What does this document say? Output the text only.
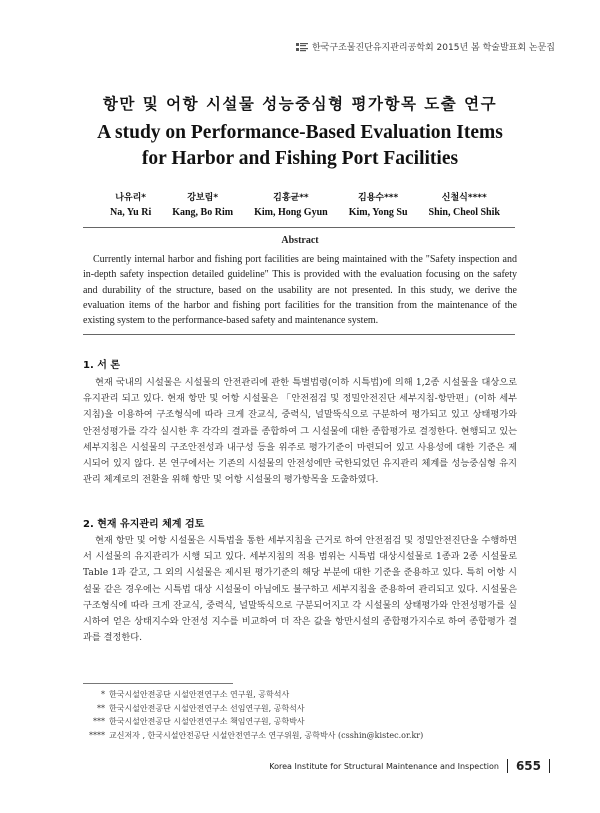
한국구조물진단유지관리공학회 2015년 봄 학술발표회 논문집
항만 및 어항 시설물 성능중심형 평가항목 도출 연구
A study on Performance-Based Evaluation Items
for Harbor and Fishing Port Facilities
나유리*
Na, Yu Ri
강보림*
Kang, Bo Rim
김홍균**
Kim, Hong Gyun
김용수***
Kim, Yong Su
신철식****
Shin, Cheol Shik
Abstract

Currently internal harbor and fishing port facilities are being maintained with the "Safety inspection and in-depth safety inspection detailed guideline" This is provided with the evaluation focusing on the safety and durability of the structure, based on the usability are not presented. In this study, we derive the evaluation items of the harbor and fishing port facilities for the transition from the maintenance of the existing system to the performance-based safety and maintenance system.

1. 서 론

현재 국내의 시설물은 시설물의 안전관리에 관한 특별법령(이하 시특법)에 의해 1,2종 시설물을 대상으로 유지관리 되고 있다. 현재 항만 및 어항 시설물은 「안전점검 및 정밀안전진단 세부지침-항만편」(이하 세부지침)을 이용하여 구조형식에 따라 크게 잔교식, 중력식, 널말뚝식으로 구분하여 평가되고 있고 상태평가와 안전성평가를 각각 실시한 후 각각의 결과를 종합하여 그 시설물에 대한 종합평가로 결정한다. 현행되고 있는 세부지침은 시설물의 구조안전성과 내구성 등을 위주로 평가기준이 마련되어 있고 사용성에 대한 기준은 제시되어 있지 않다. 본 연구에서는 기존의 시설물의 안전성에만 국한되었던 유지관리 체계를 성능중심형 유지관리 체계로의 전환을 위해 항만 및 어항 시설물의 평가항목을 도출하였다.

2. 현재 유지관리 체계 검토

현재 항만 및 어항 시설물은 시특법을 통한 세부지침을 근거로 하여 안전점검 및 정밀안전진단을 수행하면서 시설물의 유지관리가 시행 되고 있다. 세부지침의 적용 범위는 시특법 대상시설물로 1종과 2종 시설물로 Table 1과 같고, 그 외의 시설물은 제시된 평가기준의 해당 부분에 대한 기준을 준용하고 있다. 특히 어항 시설물 같은 경우에는 시특법 대상 시설물이 아님에도 불구하고 세부지침을 준용하여 관리되고 있다. 시설물은 구조형식에 따라 크게 잔교식, 중력식, 널말뚝식으로 구분되어지고 각 시설물의 상태평가와 안전성평가를 실시하여 얻은 상태지수와 안전성 지수를 비교하여 더 작은 값을 항만시설의 종합평가지수로 하여 종합평가 결과를 결정한다.

* 한국시설안전공단 시설안전연구소 연구원, 공학석사
** 한국시설안전공단 시설안전연구소 선임연구원, 공학석사
*** 한국시설안전공단 시설안전연구소 책임연구원, 공학박사
**** 교신저자 , 한국시설안전공단 시설안전연구소 연구위원, 공학박사 (csshin@kistec.or.kr)
Korea Institute for Structural Maintenance and Inspection 655
